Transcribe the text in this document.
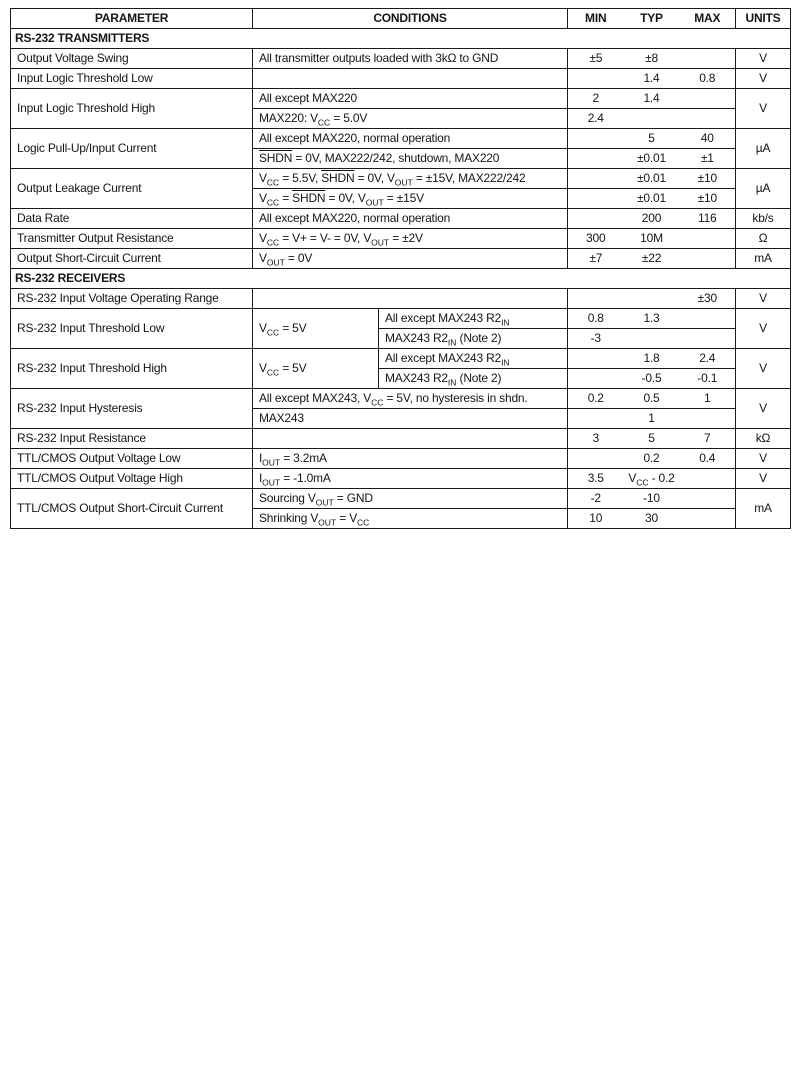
PARAMETER	CONDITIONS		MIN	TYP	MAX	UNITS
RS-232 TRANSMITTERS						
Output Voltage Swing	All transmitter outputs loaded with 3kΩ to GND		±5	±8		V
Input Logic Threshold Low				1.4	0.8	V
Input Logic Threshold High	All except MAX220		2	1.4		V
	MAX220: $V_{CC} = 5.0V$		2.4			
Logic Pull-Up/Input Current	All except MAX220, normal operation			5	40	µA
	SHDN = 0V, MAX222/242, shutdown, MAX220			±0.01	±1	
Output Leakage Current	$V_{CC} = 5.5V$, SHDN = 0V, $V_{OUT} = \pm 15V$, MAX222/242			±0.01	±10	µA
	$V_{CC}$ = SHDN = 0V, $V_{OUT} = \pm 15V$			±0.01	±10	
Data Rate	All except MAX220, normal operation			200	116	kb/s
Transmitter Output Resistance	$V_{CC} = V+ = V- = 0V$, $V_{OUT} = \pm 2V$		300	10M		Ω
Output Short-Circuit Current	$V_{OUT} = 0V$		±7	±22		mA
RS-232 RECEIVERS						
RS-232 Input Voltage Operating Range					±30	V
RS-232 Input Threshold Low	$V_{CC} = 5V$	All except MAX243 $R2_{IN}$	0.8	1.3		V
		MAX243 $R2_{IN}$ (Note 2)	-3			
RS-232 Input Threshold High	$V_{CC} = 5V$	All except MAX243 $R2_{IN}$		1.8	2.4	V
		MAX243 $R2_{IN}$ (Note 2)		-0.5	-0.1	
RS-232 Input Hysteresis	All except MAX243, $V_{CC} = 5V$, no hysteresis in shdn.		0.2	0.5	1	V
	MAX243		1			
RS-232 Input Resistance			3	5	7	kΩ
TTL/CMOS Output Voltage Low	$I_{OUT} = 3.2mA$			0.2	0.4	V
TTL/CMOS Output Voltage High	$I_{OUT} = -1.0mA$		3.5	$V_{CC} - 0.2$		V
TTL/CMOS Output Short-Circuit Current	Sourcing $V_{OUT}$ = GND		-2	-10		mA
	Shrinking $V_{OUT} = V_{CC}$		10	30		
